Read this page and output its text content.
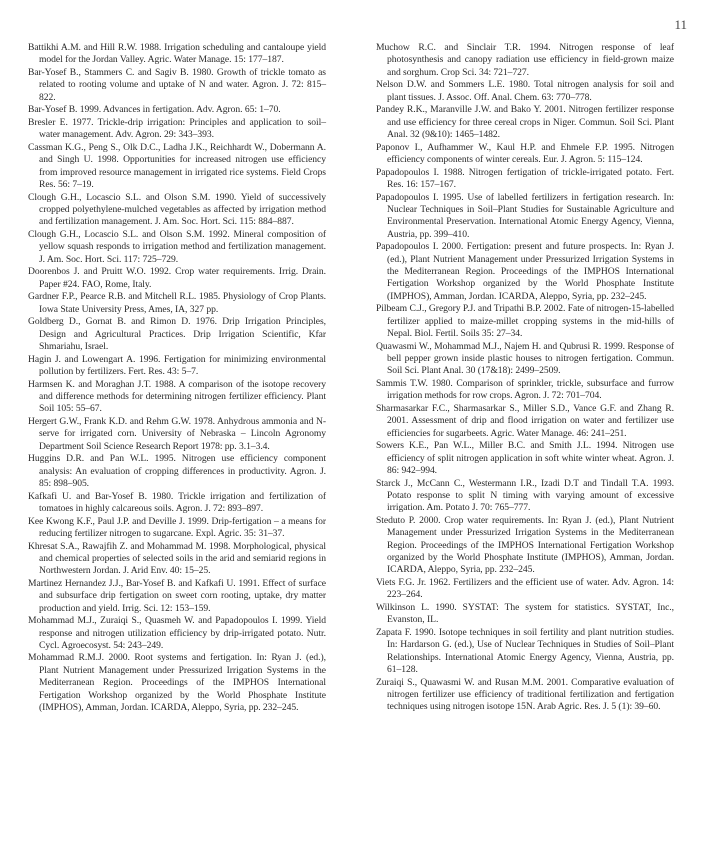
11

Battikhi A.M. and Hill R.W. 1988. Irrigation scheduling and cantaloupe yield model for the Jordan Valley. Agric. Water Manage. 15: 177–187.

Bar-Yosef B., Stammers C. and Sagiv B. 1980. Growth of trickle tomato as related to rooting volume and uptake of N and water. Agron. J. 72: 815–822.

Bar-Yosef B. 1999. Advances in fertigation. Adv. Agron. 65: 1–70.

Bresler E. 1977. Trickle-drip irrigation: Principles and application to soil–water management. Adv. Agron. 29: 343–393.

Cassman K.G., Peng S., Olk D.C., Ladha J.K., Reichhardt W., Dobermann A. and Singh U. 1998. Opportunities for increased nitrogen use efficiency from improved resource management in irrigated rice systems. Field Crops Res. 56: 7–19.

Clough G.H., Locascio S.L. and Olson S.M. 1990. Yield of successively cropped polyethylene-mulched vegetables as affected by irrigation method and fertilization management. J. Am. Soc. Hort. Sci. 115: 884–887.

Clough G.H., Locascio S.L. and Olson S.M. 1992. Mineral composition of yellow squash responds to irrigation method and fertilization management. J. Am. Soc. Hort. Sci. 117: 725–729.

Doorenbos J. and Pruitt W.O. 1992. Crop water requirements. Irrig. Drain. Paper #24. FAO, Rome, Italy.

Gardner F.P., Pearce R.B. and Mitchell R.L. 1985. Physiology of Crop Plants. Iowa State University Press, Ames, IA, 327 pp.

Goldberg D., Gornat B. and Rimon D. 1976. Drip Irrigation Principles, Design and Agricultural Practices. Drip Irrigation Scientific, Kfar Shmariahu, Israel.

Hagin J. and Lowengart A. 1996. Fertigation for minimizing environmental pollution by fertilizers. Fert. Res. 43: 5–7.

Harmsen K. and Moraghan J.T. 1988. A comparison of the isotope recovery and difference methods for determining nitrogen fertilizer efficiency. Plant Soil 105: 55–67.

Hergert G.W., Frank K.D. and Rehm G.W. 1978. Anhydrous ammonia and N-serve for irrigated corn. University of Nebraska – Lincoln Agronomy Department Soil Science Research Report 1978: pp. 3.1–3.4.

Huggins D.R. and Pan W.L. 1995. Nitrogen use efficiency component analysis: An evaluation of cropping differences in productivity. Agron. J. 85: 898–905.

Kafkafi U. and Bar-Yosef B. 1980. Trickle irrigation and fertilization of tomatoes in highly calcareous soils. Agron. J. 72: 893–897.

Kee Kwong K.F., Paul J.P. and Deville J. 1999. Drip-fertigation – a means for reducing fertilizer nitrogen to sugarcane. Expl. Agric. 35: 31–37.

Khresat S.A., Rawajfih Z. and Mohammad M. 1998. Morphological, physical and chemical properties of selected soils in the arid and semiarid regions in Northwestern Jordan. J. Arid Env. 40: 15–25.

Martinez Hernandez J.J., Bar-Yosef B. and Kafkafi U. 1991. Effect of surface and subsurface drip fertigation on sweet corn rooting, uptake, dry matter production and yield. Irrig. Sci. 12: 153–159.

Mohammad M.J., Zuraiqi S., Quasmeh W. and Papadopoulos I. 1999. Yield response and nitrogen utilization efficiency by drip-irrigated potato. Nutr. Cycl. Agroecosyst. 54: 243–249.

Mohammad R.M.J. 2000. Root systems and fertigation. In: Ryan J. (ed.), Plant Nutrient Management under Pressurized Irrigation Systems in the Mediterranean Region. Proceedings of the IMPHOS International Fertigation Workshop organized by the World Phosphate Institute (IMPHOS), Amman, Jordan. ICARDA, Aleppo, Syria, pp. 232–245.

Muchow R.C. and Sinclair T.R. 1994. Nitrogen response of leaf photosynthesis and canopy radiation use efficiency in field-grown maize and sorghum. Crop Sci. 34: 721–727.

Nelson D.W. and Sommers L.E. 1980. Total nitrogen analysis for soil and plant tissues. J. Assoc. Off. Anal. Chem. 63: 770–778.

Pandey R.K., Maranville J.W. and Bako Y. 2001. Nitrogen fertilizer response and use efficiency for three cereal crops in Niger. Commun. Soil Sci. Plant Anal. 32 (9&10): 1465–1482.

Paponov I., Aufhammer W., Kaul H.P. and Ehmele F.P. 1995. Nitrogen efficiency components of winter cereals. Eur. J. Agron. 5: 115–124.

Papadopoulos I. 1988. Nitrogen fertigation of trickle-irrigated potato. Fert. Res. 16: 157–167.

Papadopoulos I. 1995. Use of labelled fertilizers in fertigation research. In: Nuclear Techniques in Soil–Plant Studies for Sustainable Agriculture and Environmental Preservation. International Atomic Energy Agency, Vienna, Austria, pp. 399–410.

Papadopoulos I. 2000. Fertigation: present and future prospects. In: Ryan J. (ed.), Plant Nutrient Management under Pressurized Irrigation Systems in the Mediterranean Region. Proceedings of the IMPHOS International Fertigation Workshop organized by the World Phosphate Institute (IMPHOS), Amman, Jordan. ICARDA, Aleppo, Syria, pp. 232–245.

Pilbeam C.J., Gregory P.J. and Tripathi B.P. 2002. Fate of nitrogen-15-labelled fertilizer applied to maize-millet cropping systems in the mid-hills of Nepal. Biol. Fertil. Soils 35: 27–34.

Quawasmi W., Mohammad M.J., Najem H. and Qubrusi R. 1999. Response of bell pepper grown inside plastic houses to nitrogen fertigation. Commun. Soil Sci. Plant Anal. 30 (17&18): 2499–2509.

Sammis T.W. 1980. Comparison of sprinkler, trickle, subsurface and furrow irrigation methods for row crops. Agron. J. 72: 701–704.

Sharmasarkar F.C., Sharmasarkar S., Miller S.D., Vance G.F. and Zhang R. 2001. Assessment of drip and flood irrigation on water and fertilizer use efficiencies for sugarbeets. Agric. Water Manage. 46: 241–251.

Sowers K.E., Pan W.L., Miller B.C. and Smith J.L. 1994. Nitrogen use efficiency of split nitrogen application in soft white winter wheat. Agron. J. 86: 942–994.

Starck J., McCann C., Westermann I.R., Izadi D.T and Tindall T.A. 1993. Potato response to split N timing with varying amount of excessive irrigation. Am. Potato J. 70: 765–777.

Steduto P. 2000. Crop water requirements. In: Ryan J. (ed.), Plant Nutrient Management under Pressurized Irrigation Systems in the Mediterranean Region. Proceedings of the IMPHOS International Fertigation Workshop organized by the World Phosphate Institute (IMPHOS), Amman, Jordan. ICARDA, Aleppo, Syria, pp. 232–245.

Viets F.G. Jr. 1962. Fertilizers and the efficient use of water. Adv. Agron. 14: 223–264.

Wilkinson L. 1990. SYSTAT: The system for statistics. SYSTAT, Inc., Evanston, IL.

Zapata F. 1990. Isotope techniques in soil fertility and plant nutrition studies. In: Hardarson G. (ed.), Use of Nuclear Techniques in Studies of Soil–Plant Relationships. International Atomic Energy Agency, Vienna, Austria, pp. 61–128.

Zuraiqi S., Quawasmi W. and Rusan M.M. 2001. Comparative evaluation of nitrogen fertilizer use efficiency of traditional fertilization and fertigation techniques using nitrogen isotope 15N. Arab Agric. Res. J. 5 (1): 39–60.
